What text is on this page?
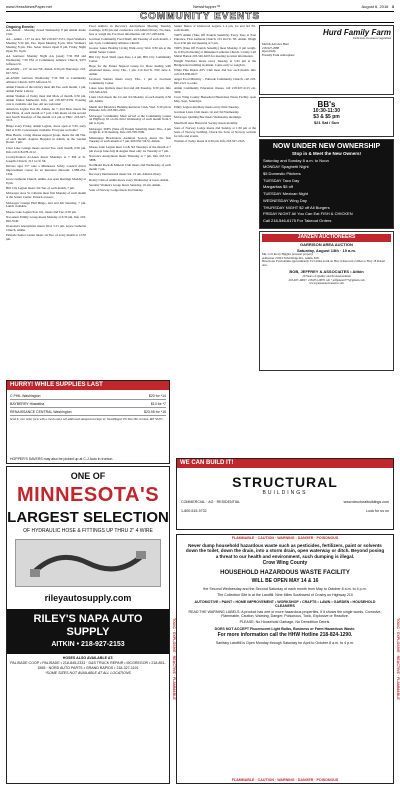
www.HessNewsPaper.net	NewsHopper™	August 6, 2016 3
COMMUNITY EVENTS
Ongoing Events:
AA–Aitkin – Meeting closed Wednesday 8 pm Aitkin Alano Club.
AA – Aitkin – 137 1st Ave. NE 218-927-5551. Open Women's Meeting 5:30 pm, Tue. Open Meeting 8 pm, Wed. Women's Meeting 8 pm, Thu. Sober Sisters Open 8 pm, Friday Night Open Fri. 8 pm.
AA Garrison: Monday Night AA (open) 7:30 PM and Wednesday 7:30 PM at Community Alliance Church, 9475 Jefferson St.
ALANON – 137 1st Ave NE, Aitkin. 6:30 pm Thursdays. 218-927-5551.
ALANON Garrison Wednesday 7:30 PM at Community Alliance Church, 9475 Jefferson St.
Aitkin Friends of the Library meet 4th Tue. each month, 1 pm, Aitkin Public Library.
Aitkin Women of Today meet 2nd Mon. of month, 6:30 pm, Aitkin United Methodist. Info, call 218-927-6359. Evening care is available and free. All are welcome!
American Legion Post 86, Aitkin, Jet 7, 2nd Mon. meets the 2nd Thurs. of each month at 7 p.m. Club meets on the second and fourth Tuesdays of the month at 6 pm at 'Hub.' 218-927-3113.
Bingo every Friday, Aitkin Legion, doors open at 5:30, early bird at 6:30. Concessions available. Everyone welcome!
Blue Hearts, a lung disease support group, meets the 4th Thu. of each month. Aspirus Hospital in Aitkin, in the Garden Room. 1 pm.
Clear Lake Grange meets second Tue. each month, 6:30 pm. Info call 218-678-2212.
Crosby/Ironton Al-Anon meets Mondays at 7 PM at St. Joseph's Church, 313 1st St SE.
Drivers ages 55+ take a Minnesota Safety Council driver improvement course for an insurance discount. 1-888-234-1294.
Grace Lutheran Church, Aitkin, AA open meetings Monday at 8 pm.
Hill City Legion meets 3rd Tue. of each month, 7 pm.
McGregor Area Sr. Citizens meet first Monday of each month at the Senior Center. Potluck at noon.
McGregor Grange Hall Bingo, 2nd and 4th Saturday, 7 pm. Lunch available.
Moose Lake Legion Post 161, meets 2nd Tue. 6:30 pm.
Nar-Anon Family Group meets Monday at 6:30 pm. Info 218-820-5540.
Overeaters Anonymous meets Wed. 5:15 pm. Grace Lutheran Church, Aitkin.
Palisade Senior Center meets 1st Tue. of every month at 12:30 pm.
Food Addicts in Recovery Anonymous Meeting Tuesday evenings, 6:30 pm and conference call Aitkin Library. No dues, fees or weigh ins. For more information call 217-248-6434.
Garrison Community Food Shelf, 4th Tuesday of each month, 1 pm-3 pm, Community Alliance Church.
Greater Lakes Healthy Living Walk every Wed. 9:30 am at the Aitkin Senior Center.
Hill City Food Shelf open Tues 1-4 pm, Hill City Community Center.
Hope for the Future Support Group for those dealing with emotional issues, every Thu., 1 pm, 210 2nd St. NW, suite 4, Aitkin.
Jacobson Seniors meets every Thu., 1 pm at Jacobson Community Center.
Lakes Area Quilters meet 2nd and 4th Tuesday, 6:30 pm. Info 218-546-2222.
Lions Club meets the 1st and 3rd Monday of each month, 6:30 pm, Aitkin.
Marsh and Meadows Hunting Retriever Club, Wed. 5:30 pm in Palisade. Info 218-845-2261.
McGregor Community Meal served at the Community Center on Highway 65 on the third Wednesday of each month from 5 pm to 6 pm.
McGregor TOPS (Take off Pounds Sensibly) meets Thu., 4 pm weigh in, 4:30 meeting. Info 218-768-7099.
Mississippi Headwaters Audubon Society meets the first Tuesday of each month at 7 pm, 606 NW 5th St, Aitkin.
Moose Lake Legion meet 1st & 3rd Tuesdays of the month at 7 pm except June-July & August meet only 1st Tuesday at 7 pm.
Narcotics Anonymous meets Thursday at 7 pm. Info 218-513-5888.
Northland Rock & Mineral Club meets 2nd Wednesday of each month 7 pm.
Recovery International meets Sat. 10 am. Aitkin Library.
Rotary Club of Aitkin meets every Wednesday at noon, Aitkin.
Serenity Women's Group meets Saturday, 10 am, Aitkin.
Sons of Norway Lodge meets 2nd Sunday.
Senior Dance at Glenwood Legion, 1-4 pm, 1st and 3rd Fri. each month.
TOPS Aitkin (Take Off Pounds Sensibly) Every Tues at East Entrance, First Lutheran Church, 101 2nd St. SE, Aitkin. Weigh in at 4:30 pm and meeting at 5 pm.
TOPS (Take Off Pounds Sensibly) meet Monday, 6 pm weigh-in, 6:30 pm meeting at Immanuel Lutheran Church. Crosby Call Mabel Bartek 218-546-6203 for meeting location information.
Weight Watchers meets every Tuesday at 5:45 pm at the Bridgewater building in Aitkin. Come early to weigh in.
White Pine Riders ATV Club meet 2nd Sat. each month. Info call 218-838-6227.
Angel Food Ministry – Palisade Community Church, call 218-845-2121 to order.
Aitkin Community Education classes, call 218-927-2115 ext. 3209.
Crow Wing County Household Hazardous Waste Facility open May–Sept, Saturdays.
Emily Legion Auxiliary meets every third Tuesday.
Garrison Lions Club meets 1st and 3rd Wednesday.
McGregor Quilting Bee meets Wednesday mornings.
Merrifield Area Historical Society meets monthly.
Sons of Norway Lodge meets 2nd Sunday at 1:30 pm at the Sons of Norway building. Check the Sons of Norway website for info and events.
Women of Today meets at 6:30 pm. Info 218-927-2345.
Hurd Family Farm
Delicious, in-season vegetables
Mall & Advance Hunt
218-927-2688
Open Daily
Friendly Farm Atmosphere
BB's
10:30-11:30
$3 & $5 pm
$21 Sat / Sun
NOW UNDER NEW OWNERSHIP
Stop in & Meet the New Owners!
Saturday and Sunday 8 a.m. to Noon
MONDAY Spaghetti Night
$5 Domestic Pitchers
TUESDAY Taco Day
Margaritas $5 off
TUESDAY Mexican Night
WEDNESDAY Wing Day
THURSDAY NIGHT $2 off All Burgers
FRIDAY NIGHT All You Can Eat FISH & CHICKEN
Call 218-546-6175 For Takeout Orders
JANZEN AUCTIONEERS
GARRISON AREA AUCTION
Saturday, August 13th · 10 a.m.
Mn. Coll Rooty Higgins personal property
Addresses 21924 Tribal Ridge Rd., Aitkin, MN
Directions: From Aitkin approximately 33.5 miles north on Hwy 6 then turn 2 miles to Hwy 18 Robert Ave.
BOB, JEFFREY & ASSOCIATES • Aitkin
20 Years of Quality and Professionalism
218-927-4900 • 218-851-0870 cell • jeffjanzen777@gmail.com
www.janzenauctioneers.com
HURRY! WHILE SUPPLIES LAST
C PHIL Washington	$20 for *14
BAYBERRY Hiawatha	$10 for *7
RENAISSANCE CENTRAL Washington	$23.95 for *15
Send in your order form with a check and a self addressed stamped envelope to: NewsHopper PO Box 582, Ironton, MN 56455
HOPPER'S SAVERS may also be picked up at C-J Auto in Ironton.
ONE OF
MINNESOTA'S
LARGEST SELECTION
OF HYDRAULIC HOSE & FITTINGS UP THRU 2" 4 WIRE
rileyautosupply.com
RILEY'S NAPA AUTO SUPPLY
AITKIN • 218-927-2153
HOSES ALSO AVAILABLE AT:
PALISADE COOP • PALISADE • 218-845-2333 · D&S TRUCK REPAIR • MCGREGOR • 218-851-1555 · NORD AUTO PARTS • GRAND RAPIDS • 218-327-1191
*SOME SIZES NOT AVAILABLE AT ALL LOCATIONS
WE CAN BUILD IT!
STRUCTURAL
BUILDINGS
COMMERCIAL · AG · RESIDENTIAL	www.structuralbuildings.com
1-800-515-9732	Look for us on
FLAMMABLE · CAUTION · WARNING · DANGER · POISONOUS
Never dump household hazardous waste such as pesticides, fertilizers, paint or solvents down the toilet, down the drain, into a storm drain, open waterway or ditch. Beyond posing a threat to our health and environment, such dumping is illegal.
Crow Wing County
HOUSEHOLD HAZARDOUS WASTE FACILITY
WILL BE OPEN MAY 14 & 16

the Second Wednesday and the Second Saturday of each month from May to October 8 a.m. to 4 p.m.

The Collection Site is at the Landfill. Nine Miles Southwest of Crosby on Highway 210

AUTOMOTIVE • PAINT • HOME IMPROVEMENT • WORKSHOP • CRAFTS • LAWN • GARDEN • HOUSEHOLD CLEANERS

READ THE WARNING LABELS: A product has one or more hazardous properties, if it shows the single words, Corrosive, Flammable, Caution, Warning, Danger, Poisonous, Toxic, Explosive or Reactive.

PLEASE: No Household Garbage, No Demolition Debris.

DOES NOT ACCEPT Fluorescent Light Bulbs, Business or Farm Hazardous Waste.

For more information call the HHW Hotline 218-824-1290.

Sanitary Landfill is Open Monday through Saturday for April to October 8 a.m. to 4 p.m.

FLAMMABLE · CAUTION · WARNING · DANGER · POISONOUS
TOXIC · EXPLOSIVE · REACTIVE · FLAMMABLE	TOXIC · EXPLOSIVE · REACTIVE · FLAMMABLE
